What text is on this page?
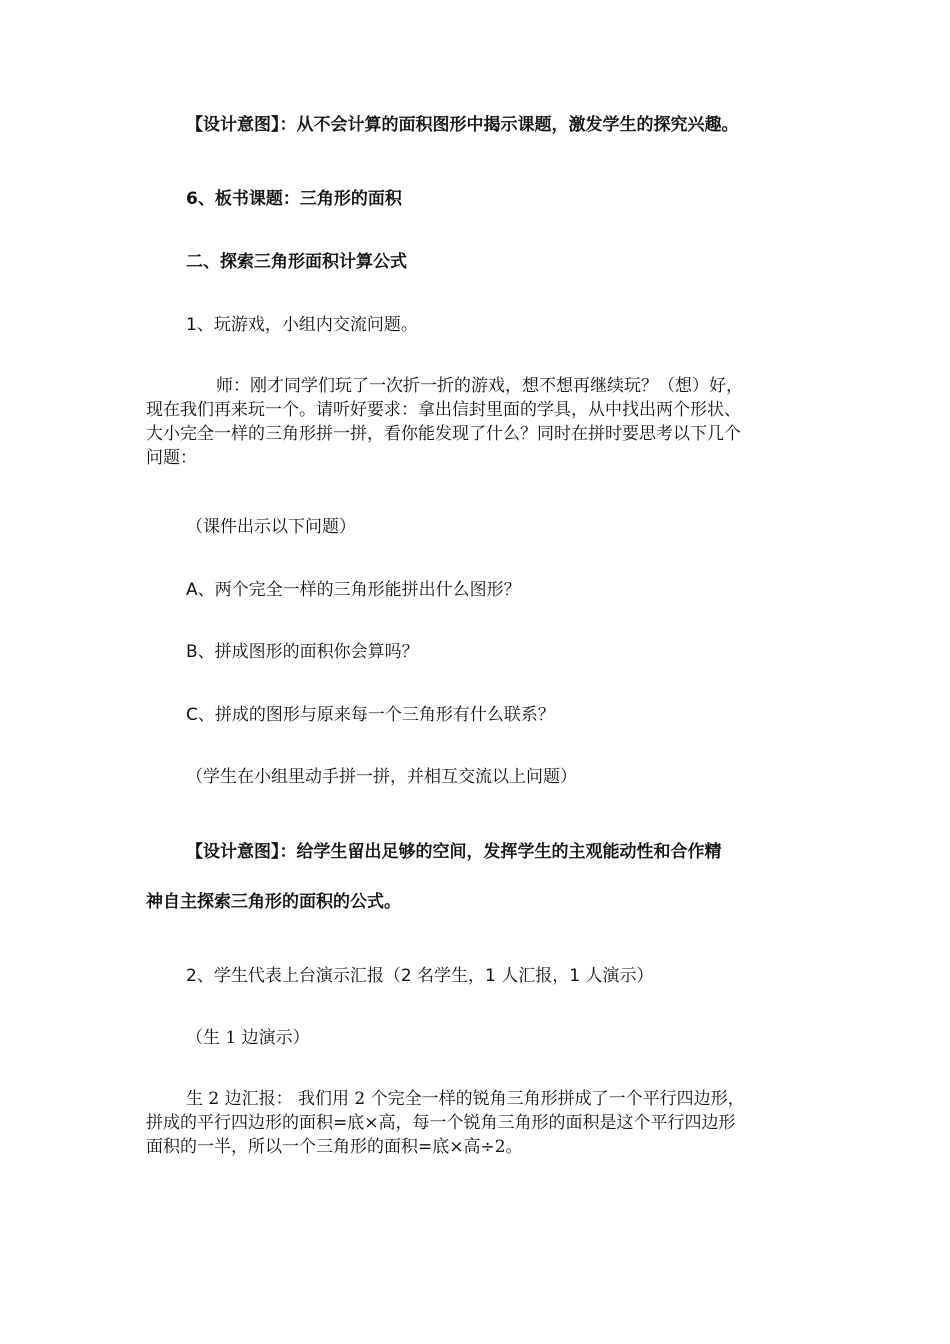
【设计意图】：从不会计算的面积图形中揭示课题，激发学生的探究兴趣。
6、板书课题：三角形的面积
二、探索三角形面积计算公式
1、玩游戏，小组内交流问题。
师：刚才同学们玩了一次折一折的游戏，想不想再继续玩？（想）好，
现在我们再来玩一个。请听好要求：拿出信封里面的学具，从中找出两个形状、
大小完全一样的三角形拼一拼，看你能发现了什么？同时在拼时要思考以下几个
问题：
（课件出示以下问题）
A、两个完全一样的三角形能拼出什么图形？
B、拼成图形的面积你会算吗？
C、拼成的图形与原来每一个三角形有什么联系？
（学生在小组里动手拼一拼，并相互交流以上问题）
【设计意图】：给学生留出足够的空间，发挥学生的主观能动性和合作精
神自主探索三角形的面积的公式。
2、学生代表上台演示汇报（2 名学生，1 人汇报，1 人演示）
（生 1 边演示）
生 2 边汇报： 我们用 2 个完全一样的锐角三角形拼成了一个平行四边形，
拼成的平行四边形的面积=底×高，每一个锐角三角形的面积是这个平行四边形
面积的一半，所以一个三角形的面积=底×高÷2。
